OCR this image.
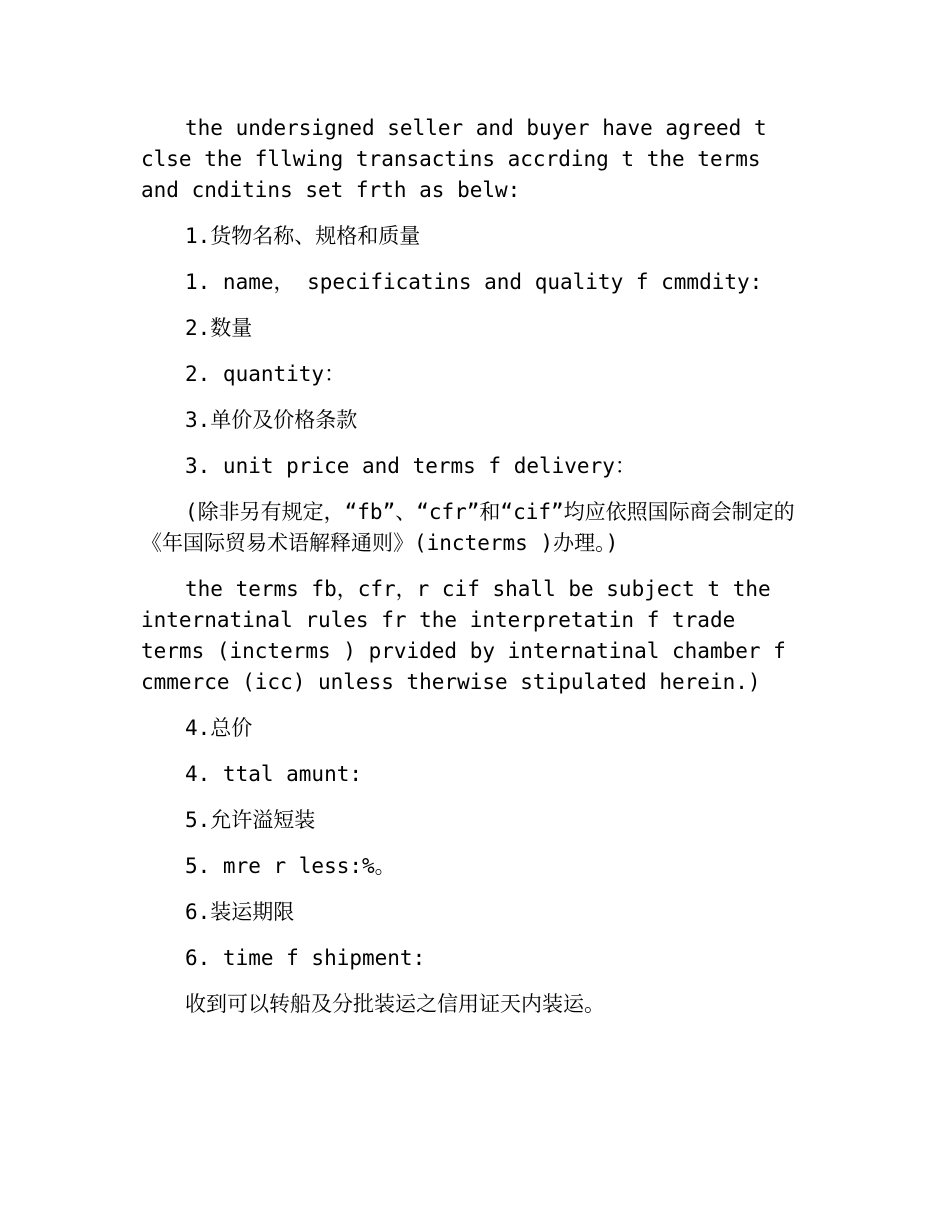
the undersigned seller and buyer have agreed t clse the fllwing transactins accrding t the terms and cnditins set frth as belw:

1.货物名称、规格和质量

1. name， specificatins and quality f cmmdity:

2.数量

2. quantity：

3.单价及价格条款

3. unit price and terms f delivery：

(除非另有规定，“fb”、“cfr”和“cif”均应依照国际商会制定的《年国际贸易术语解释通则》(incterms )办理。)

the terms fb，cfr，r cif shall be subject t the internatinal rules fr the interpretatin f trade terms (incterms ) prvided by internatinal chamber f cmmerce (icc) unless therwise stipulated herein.)

4.总价

4. ttal amunt:

5.允许溢短装

5. mre r less:%。

6.装运期限

6. time f shipment:

收到可以转船及分批装运之信用证天内装运。
